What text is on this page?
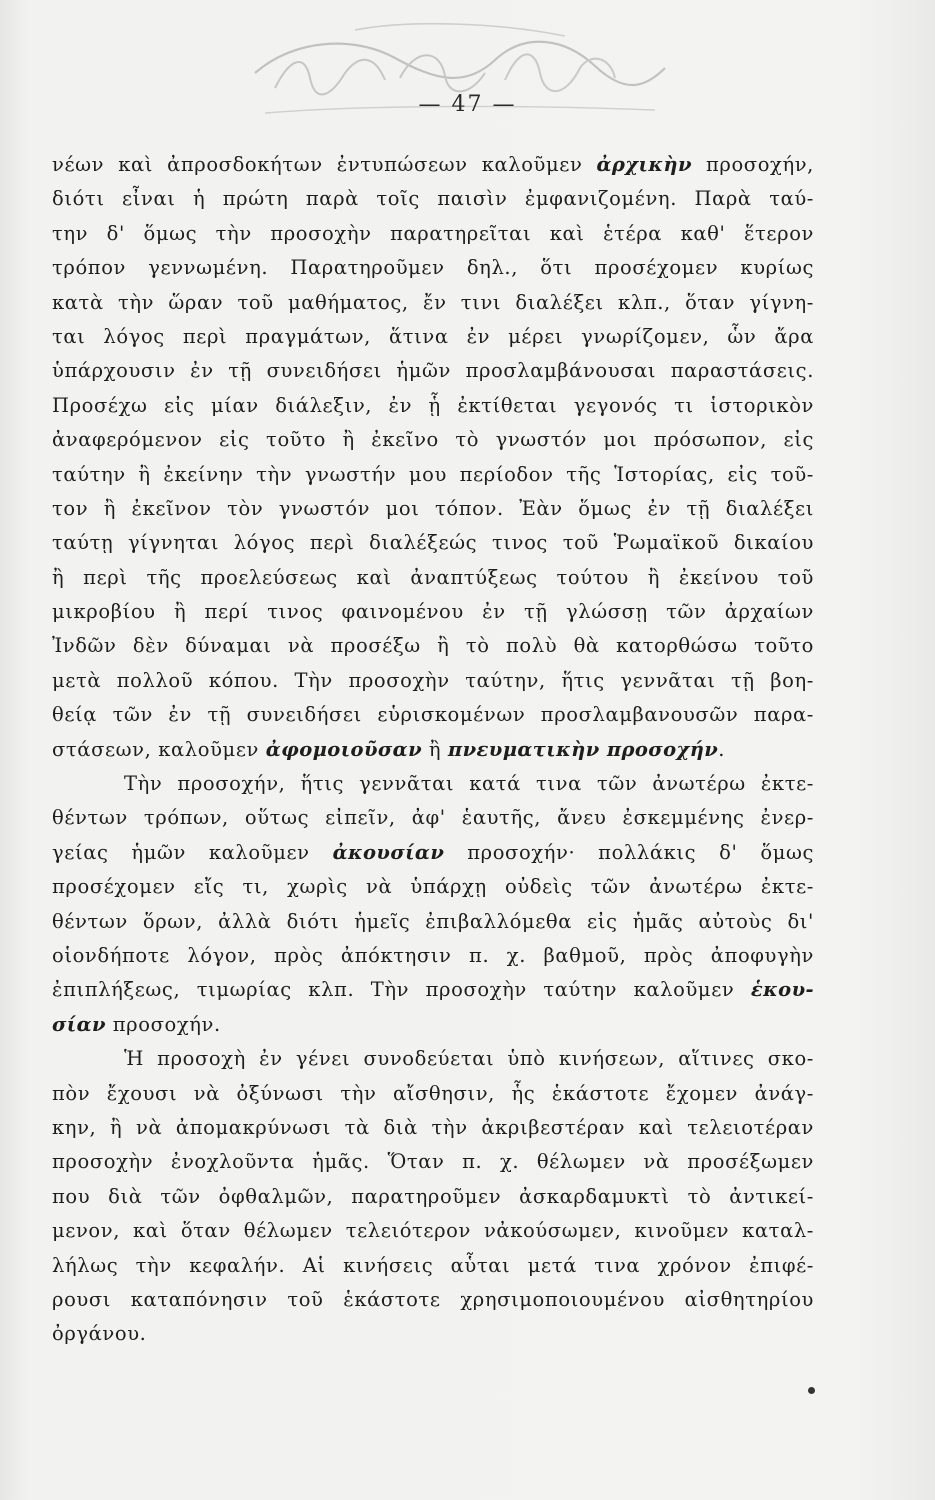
— 47 —
νέων καὶ ἀπροσδοκήτων ἐντυπώσεων καλοῦμεν ἀρχικὴν προσοχήν,
διότι εἶναι ἡ πρώτη παρὰ τοῖς παισὶν ἐμφανιζομένη. Παρὰ ταύ-
την δ' ὅμως τὴν προσοχὴν παρατηρεῖται καὶ ἑτέρα καθ' ἕτερον
τρόπον γεννωμένη. Παρατηροῦμεν δηλ., ὅτι προσέχομεν κυρίως
κατὰ τὴν ὥραν τοῦ μαθήματος, ἔν τινι διαλέξει κλπ., ὅταν γίγνη-
ται λόγος περὶ πραγμάτων, ἅτινα ἐν μέρει γνωρίζομεν, ὧν ἄρα
ὑπάρχουσιν ἐν τῇ συνειδήσει ἡμῶν προσλαμβάνουσαι παραστάσεις.
Προσέχω εἰς μίαν διάλεξιν, ἐν ᾗ ἐκτίθεται γεγονός τι ἱστορικὸν
ἀναφερόμενον εἰς τοῦτο ἢ ἐκεῖνο τὸ γνωστόν μοι πρόσωπον, εἰς
ταύτην ἢ ἐκείνην τὴν γνωστήν μου περίοδον τῆς Ἱστορίας, εἰς τοῦ-
τον ἢ ἐκεῖνον τὸν γνωστόν μοι τόπον. Ἐὰν ὅμως ἐν τῇ διαλέξει
ταύτῃ γίγνηται λόγος περὶ διαλέξεώς τινος τοῦ Ῥωμαϊκοῦ δικαίου
ἢ περὶ τῆς προελεύσεως καὶ ἀναπτύξεως τούτου ἢ ἐκείνου τοῦ
μικροβίου ἢ περί τινος φαινομένου ἐν τῇ γλώσσῃ τῶν ἀρχαίων
Ἰνδῶν δὲν δύναμαι νὰ προσέξω ἢ τὸ πολὺ θὰ κατορθώσω τοῦτο
μετὰ πολλοῦ κόπου. Τὴν προσοχὴν ταύτην, ἥτις γεννᾶται τῇ βοη-
θείᾳ τῶν ἐν τῇ συνειδήσει εὑρισκομένων προσλαμβανουσῶν παρα-
στάσεων, καλοῦμεν ἀφομοιοῦσαν ἢ πνευματικὴν προσοχήν.
Τὴν προσοχήν, ἥτις γεννᾶται κατά τινα τῶν ἀνωτέρω ἐκτε-
θέντων τρόπων, οὕτως εἰπεῖν, ἀφ' ἑαυτῆς, ἄνευ ἐσκεμμένης ἐνερ-
γείας ἡμῶν καλοῦμεν ἀκουσίαν προσοχήν· πολλάκις δ' ὅμως
προσέχομεν εἴς τι, χωρὶς νὰ ὑπάρχῃ οὐδεὶς τῶν ἀνωτέρω ἐκτε-
θέντων ὅρων, ἀλλὰ διότι ἡμεῖς ἐπιβαλλόμεθα εἰς ἡμᾶς αὐτοὺς δι'
οἱονδήποτε λόγον, πρὸς ἀπόκτησιν π. χ. βαθμοῦ, πρὸς ἀποφυγὴν
ἐπιπλήξεως, τιμωρίας κλπ. Τὴν προσοχὴν ταύτην καλοῦμεν ἑκου-
σίαν προσοχήν.
Ἡ προσοχὴ ἐν γένει συνοδεύεται ὑπὸ κινήσεων, αἵτινες σκο-
πὸν ἔχουσι νὰ ὀξύνωσι τὴν αἴσθησιν, ἧς ἑκάστοτε ἔχομεν ἀνάγ-
κην, ἢ νὰ ἀπομακρύνωσι τὰ διὰ τὴν ἀκριβεστέραν καὶ τελειοτέραν
προσοχὴν ἐνοχλοῦντα ἡμᾶς. Ὅταν π. χ. θέλωμεν νὰ προσέξωμεν
που διὰ τῶν ὀφθαλμῶν, παρατηροῦμεν ἀσκαρδαμυκτὶ τὸ ἀντικεί-
μενον, καὶ ὅταν θέλωμεν τελειότερον νἀκούσωμεν, κινοῦμεν καταλ-
λήλως τὴν κεφαλήν. Αἱ κινήσεις αὗται μετά τινα χρόνον ἐπιφέ-
ρουσι καταπόνησιν τοῦ ἑκάστοτε χρησιμοποιουμένου αἰσθητηρίου
ὀργάνου.
